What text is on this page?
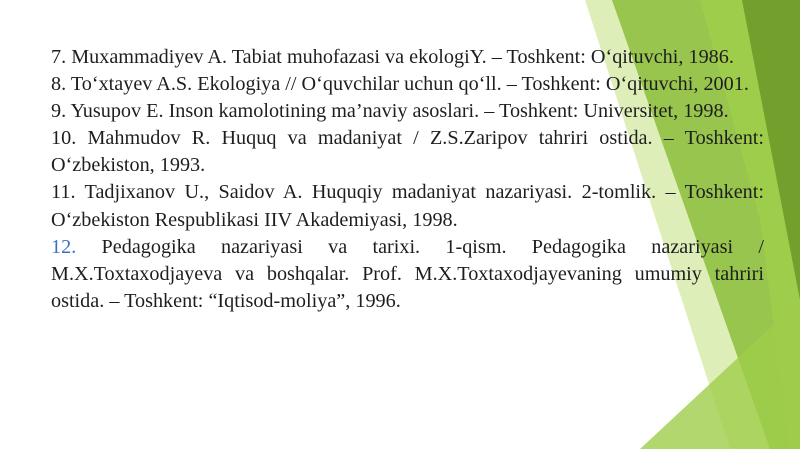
7. Muxammadiyev A. Tabiat muhofazasi va ekologiY. – Toshkent: O‘qituvchi, 1986.

8. To‘xtayev A.S. Ekologiya // O‘quvchilar uchun qo‘ll. – Toshkent: O‘qituvchi, 2001.

9. Yusupov E. Inson kamolotining ma’naviy asoslari. – Toshkent: Universitet, 1998.

10. Mahmudov R. Huquq va madaniyat / Z.S.Zaripov tahriri ostida. – Toshkent: O‘zbekiston, 1993.

11. Tadjixanov U., Saidov A. Huquqiy madaniyat nazariyasi. 2-tomlik. – Toshkent: O‘zbekiston Respublikasi IIV Akademiyasi, 1998.

12. Pedagogika nazariyasi va tarixi. 1-qism. Pedagogika nazariyasi / M.X.Toxtaxodjayeva va boshqalar. Prof. M.X.Toxtaxodjayevaning umumiy tahriri ostida. – Toshkent: “Iqtisod-moliya”, 1996.
